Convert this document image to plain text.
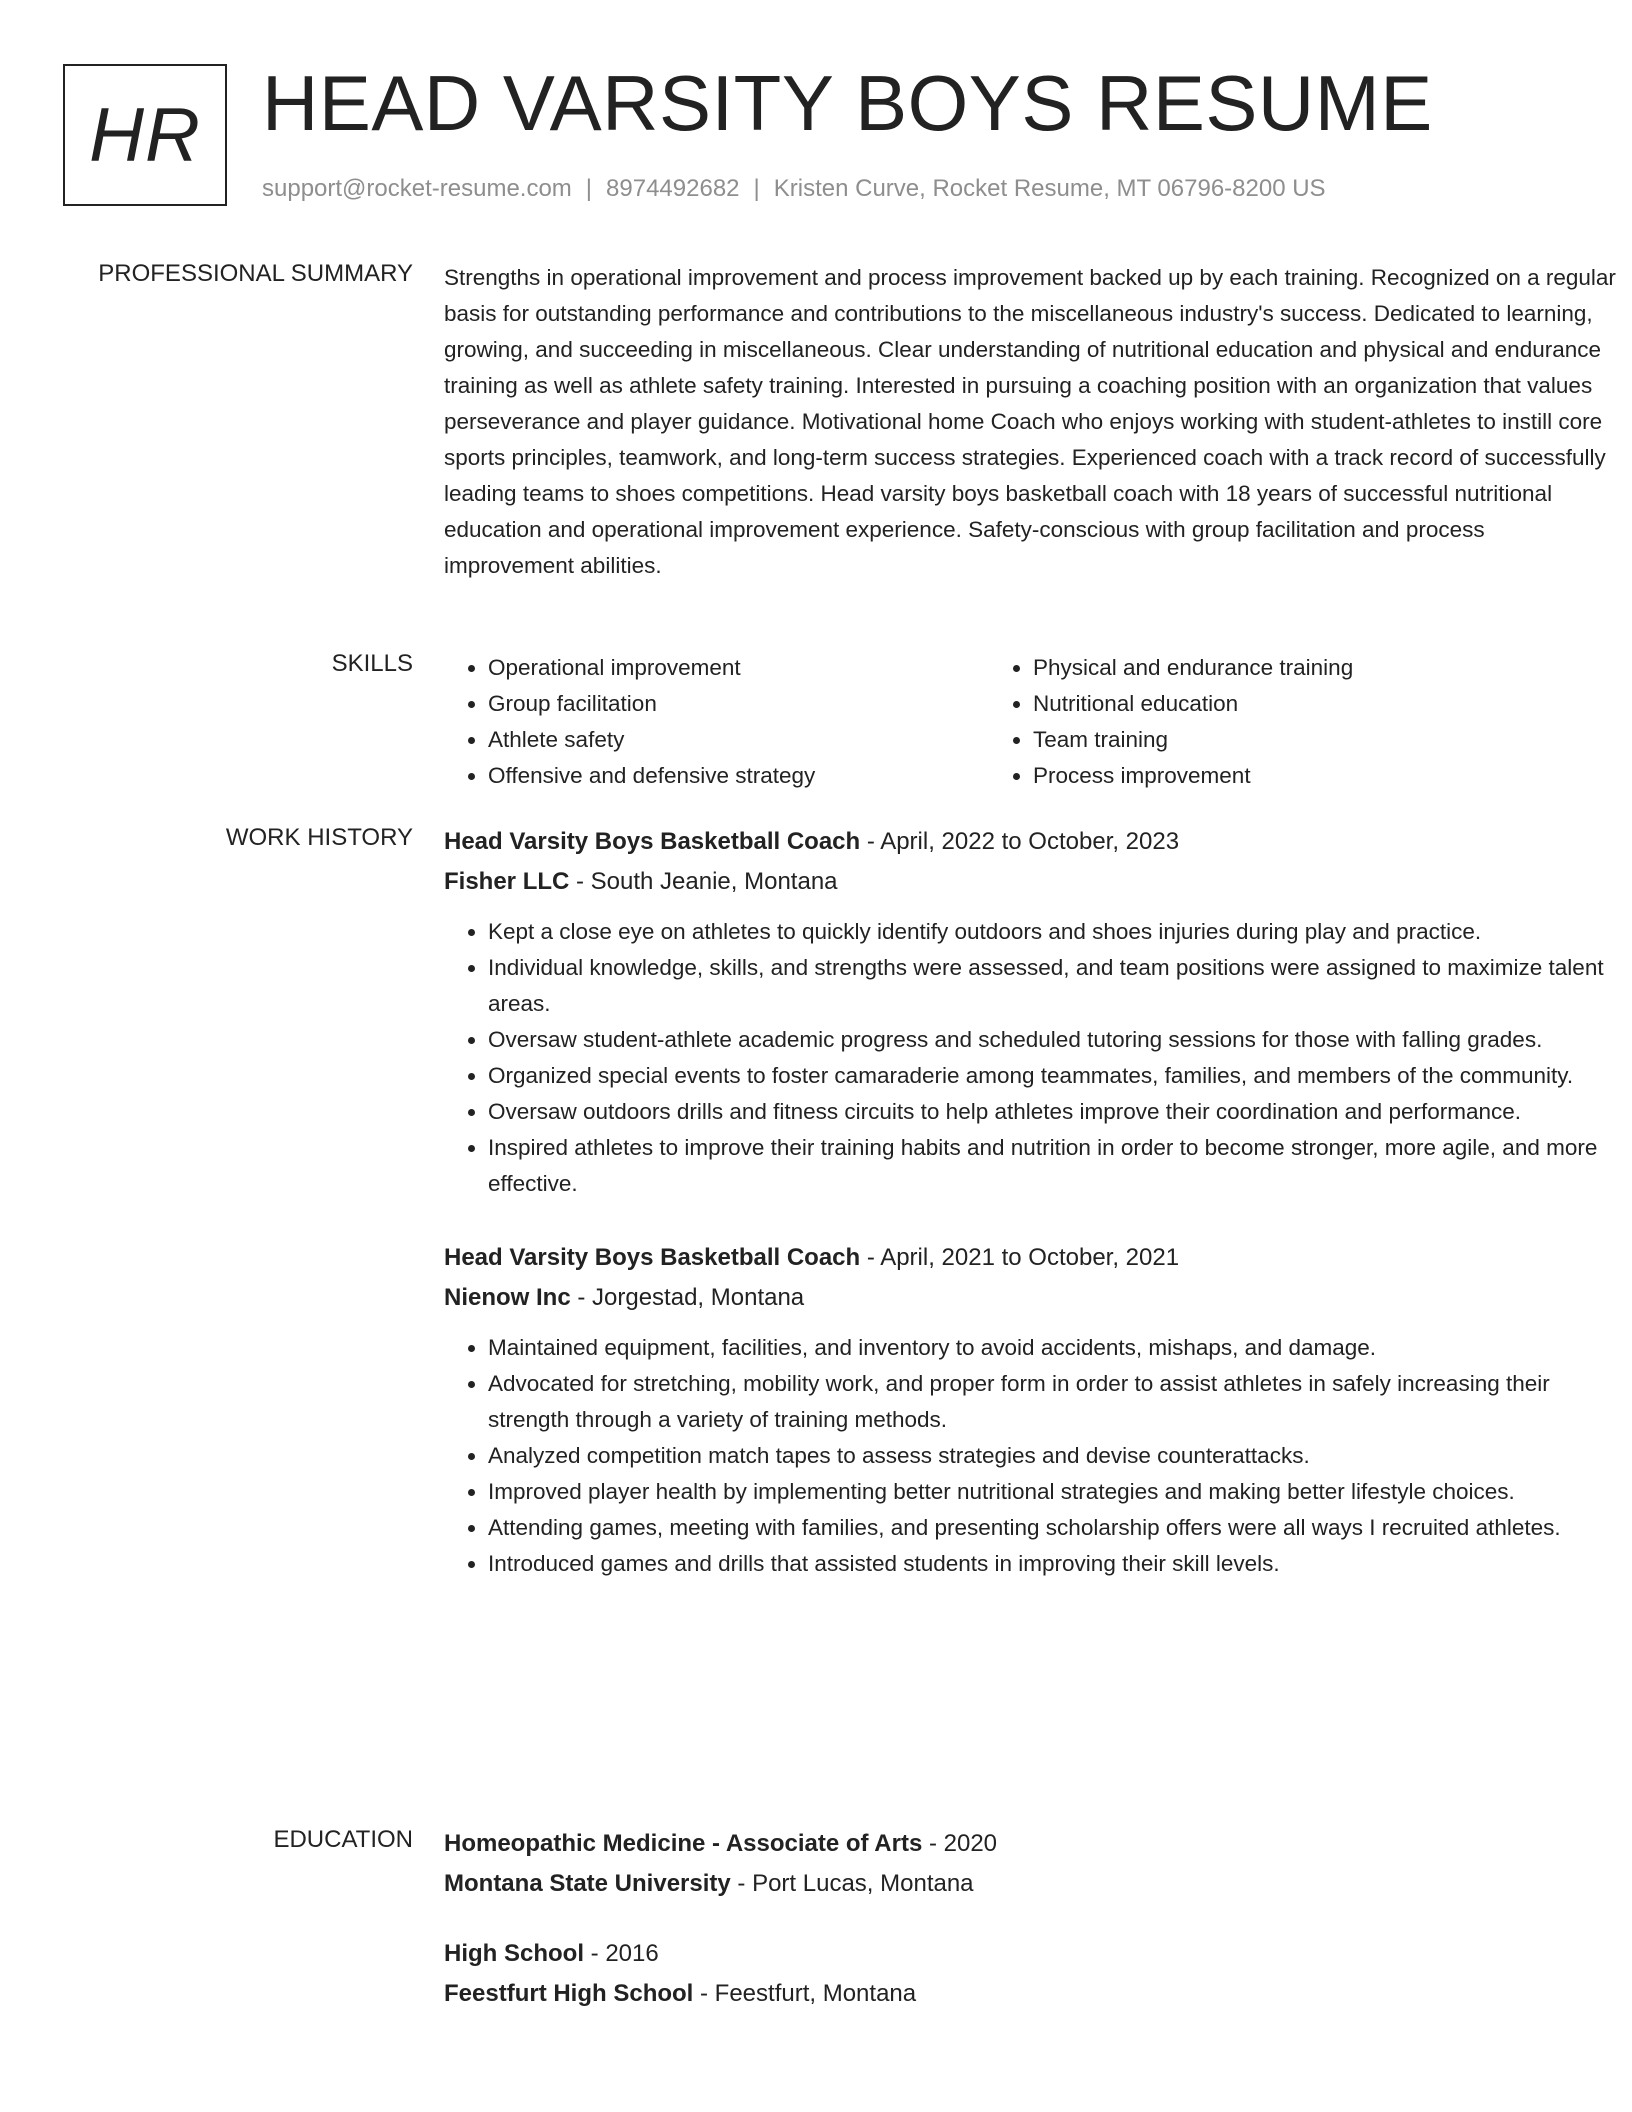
HR HEAD VARSITY BOYS RESUME
support@rocket-resume.com | 8974492682 | Kristen Curve, Rocket Resume, MT 06796-8200 US
PROFESSIONAL SUMMARY Strengths in operational improvement and process improvement backed up by each training. Recognized on a regular basis for outstanding performance and contributions to the miscellaneous industry's success. Dedicated to learning, growing, and succeeding in miscellaneous. Clear understanding of nutritional education and physical and endurance training as well as athlete safety training. Interested in pursuing a coaching position with an organization that values perseverance and player guidance. Motivational home Coach who enjoys working with student-athletes to instill core sports principles, teamwork, and long-term success strategies. Experienced coach with a track record of successfully leading teams to shoes competitions. Head varsity boys basketball coach with 18 years of successful nutritional education and operational improvement experience. Safety-conscious with group facilitation and process improvement abilities.

SKILLS
•	Operational improvement
• Group facilitation
• Athlete safety
• Offensive and defensive strategy
• Physical and endurance training
• Nutritional education
• Team training
• Process improvement
WORK HISTORY Head Varsity Boys Basketball Coach - April, 2022 to October, 2023
Fisher LLC - South Jeanie, Montana
• Kept a close eye on athletes to quickly identify outdoors and shoes injuries during play and practice.
• Individual knowledge, skills, and strengths were assessed, and team positions were assigned to maximize talent areas.
• Oversaw student-athlete academic progress and scheduled tutoring sessions for those with falling grades.
• Organized special events to foster camaraderie among teammates, families, and members of the community.
• Oversaw outdoors drills and fitness circuits to help athletes improve their coordination and performance.
• Inspired athletes to improve their training habits and nutrition in order to become stronger, more agile, and more effective.
Head Varsity Boys Basketball Coach - April, 2021 to October, 2021
Nienow Inc - Jorgestad, Montana
• Maintained equipment, facilities, and inventory to avoid accidents, mishaps, and damage.
• Advocated for stretching, mobility work, and proper form in order to assist athletes in safely increasing their strength through a variety of training methods.
• Analyzed competition match tapes to assess strategies and devise counterattacks.
• Improved player health by implementing better nutritional strategies and making better lifestyle choices.
• Attending games, meeting with families, and presenting scholarship offers were all ways I recruited athletes.
• Introduced games and drills that assisted students in improving their skill levels.
EDUCATION Homeopathic Medicine - Associate of Arts - 2020
Montana State University - Port Lucas, Montana
High School - 2016
Feestfurt High School - Feestfurt, Montana
